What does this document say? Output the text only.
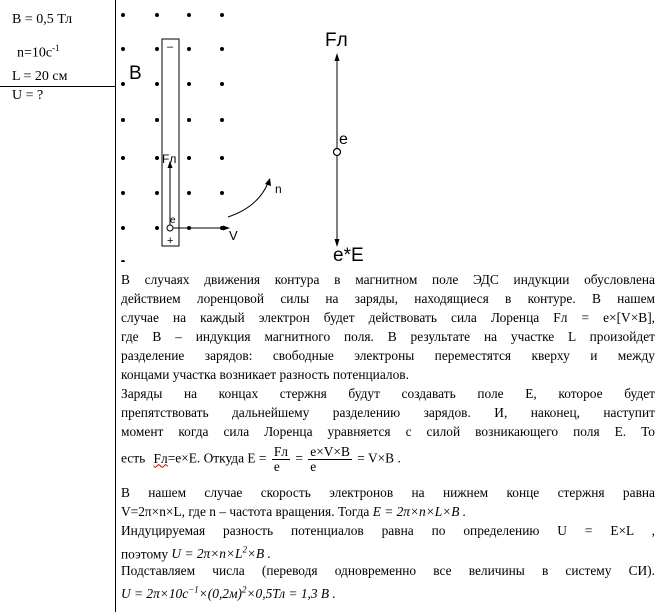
B = 0,5 Тл
$n=10c^{-1}$
L = 20 см
U = ?
B
–
+
Fл
е
V
n
Fл
е
е*Е
В случаях движения контура в магнитном поле ЭДС индукции обусловлена
действием лоренцовой силы на заряды, находящиеся в контуре. В нашем
случае на каждый электрон будет действовать сила Лоренца Fл = e×[V×B],
где В – индукция магнитного поля. В результате на участке L произойдет
разделение зарядов: свободные электроны переместятся кверху и между
концами участка возникает разность потенциалов.
Заряды на концах стержня будут создавать поле Е, которое будет
препятствовать дальнейшему разделению зарядов. И, наконец, наступит
момент когда сила Лоренца уравняется с силой возникающего поля Е. То
есть Fл=e×E. Откуда $E = \frac{Fл}{e} = \frac{e\times V\times B}{e} = V\times B$ .
В нашем случае скорость электронов на нижнем конце стержня равна
V=2π×n×L, где n – частота вращения. Тогда E = 2π×n×L×B .
Индуцируемая разность потенциалов равна по определению U = E×L ,
поэтому $U = 2\pi\times n\times L^2\times B$ .
Подставляем числа (переводя одновременно все величины в систему СИ).
$U = 2\pi\times 10c^{-1}\times(0,2м)^2\times 0,5Тл = 1,3$ В .
